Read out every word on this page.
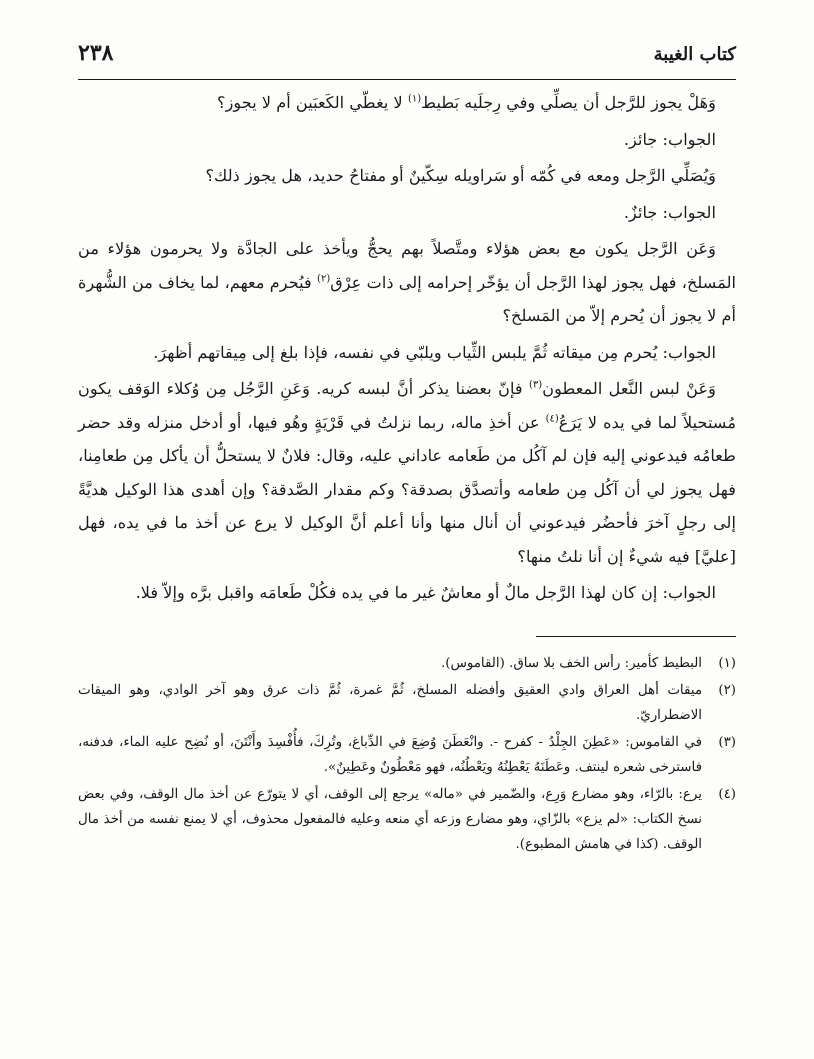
كتاب الغيبة
٢٣٨

وَهَلْ يجوز للرَّجل أن يصلِّي وفي رِجلَيه بَطيط$^{(١)}$ لا يغطّي الكَعبَين أم لا يجوز؟

الجواب: جائز.

وَيُصَلِّي الرَّجل ومعه في كُمّه أو سَراويله سِكّينٌ أو مفتاحُ حديد، هل يجوز ذلك؟

الجواب: جائزٌ.

وَعَن الرَّجل يكون مع بعض هؤلاء ومتَّصلاً بهم يحجُّ ويأخذ على الجادَّة ولا يحرمون هؤلاء من المَسلخ، فهل يجوز لهذا الرَّجل أن يؤخّر إحرامه إلى ذات عِرْق$^{(٢)}$ فيُحرم معهم، لما يخاف من الشُّهرة أم لا يجوز أن يُحرم إلاّ من المَسلخ؟

الجواب: يُحرم مِن ميقاته ثُمَّ يلبس الثِّياب ويلبّي في نفسه، فإذا بلغ إلى مِيقاتهم أظهرَ.

وَعَنْ لبس النَّعل المعطون$^{(٣)}$ فإنّ بعضنا يذكر أنَّ لبسه كريه. وَعَنِ الرَّجُل مِن وُكلاء الوَقف يكون مُستحيلاً لما في يده لا يَرَعُ$^{(٤)}$ عن أخذِ ماله، ربما نزلتُ في قَرْيَةٍ وهُو فيها، أو أدخل منزله وقد حضر طعامُه فيدعوني إليه فإن لم آكُل من طَعامه عاداني عليه، وقال: فلانٌ لا يستحلُّ أن يأكل مِن طعامِنا، فهل يجوز لي أن آكُل مِن طعامه وأتصدَّق بصدقة؟ وكم مقدار الصَّدقة؟ وإن أهدى هذا الوكيل هديَّةً إلى رجلٍ آخرَ فأحضُر فيدعوني أن أنال منها وأنا أعلم أنَّ الوكيل لا يرع عن أخذ ما في يده، فهل [عليَّ] فيه شيءٌ إن أنا نلتُ منها؟

الجواب: إن كان لهذا الرَّجل مالٌ أو معاشٌ غير ما في يده فكُلْ طَعامَه واقبل برَّه وإلاّ فلا.

(١)
البطيط كأمير: رأس الخف بلا ساق. (القاموس).
(٢)
ميقات أهل العراق وادي العقيق وأفضله المسلخ، ثُمَّ غمرة، ثُمَّ ذات عرق وهو آخر الوادي، وهو الميقات الاضطراريّ.
(٣)
في القاموس: «عَطِنَ الجِلْدُ - كفرح -. وانْعَطَنَ وُضِعَ في الدِّباغ، وتُرِكَ، فأُفْسِدَ وأَنْتَنَ، أو نُضِح عليه الماء، فدفنه، فاسترخى شعره لينتف. وعَطَنَهُ يَعْطِنُهُ ويَعْطُنُه، فهو مَعْطُونٌ وعَطِينٌ».
(٤)
يرع: بالرّاء، وهو مضارع وَرِع، والضّمير في «ماله» يرجع إلى الوقف، أي لا يتورّع عن أخذ مال الوقف، وفي بعض نسخ الكتاب: «لم يزع» بالزّاي، وهو مضارع وزعه أي منعه وعليه فالمفعول محذوف، أي لا يمنع نفسه من أخذ مال الوقف. (كذا في هامش المطبوع).
